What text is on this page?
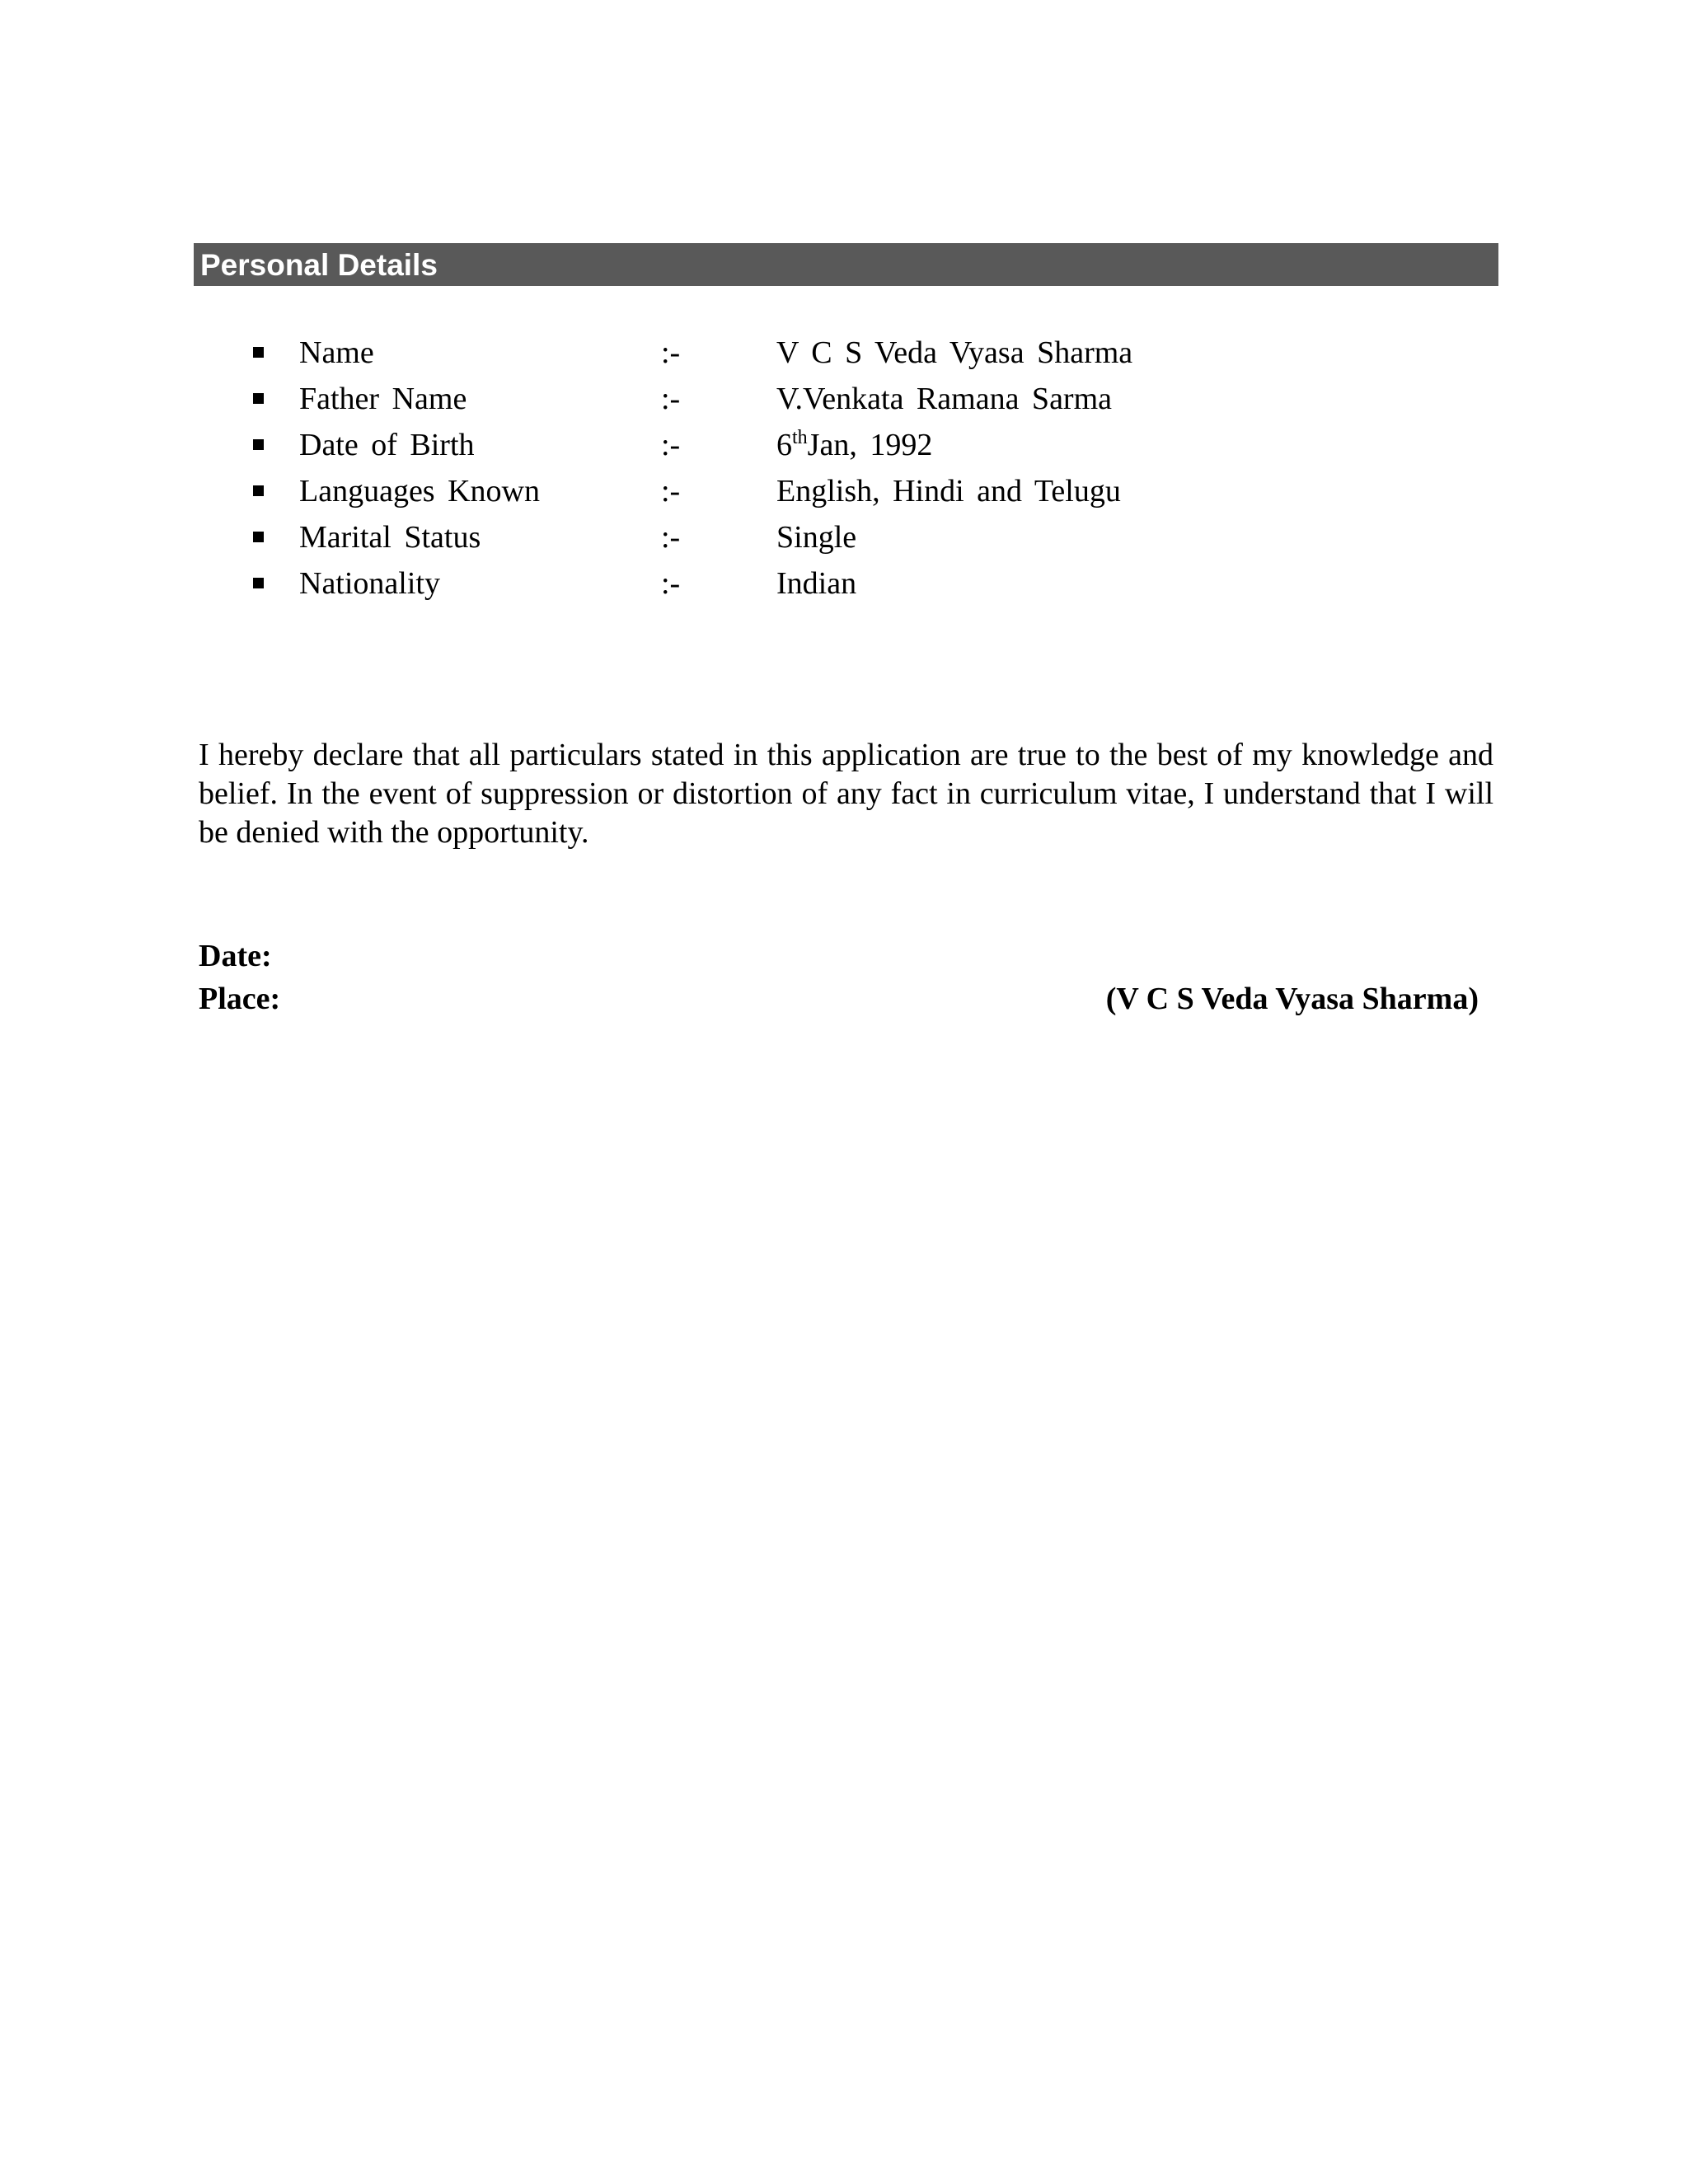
Personal Details
Name	:-	V C S Veda Vyasa Sharma
Father Name	:-	V.Venkata Ramana Sarma
Date of Birth	:-	6thJan, 1992
Languages Known	:-	English, Hindi and Telugu
Marital Status	:-	Single
Nationality	:-	Indian

I hereby declare that all particulars stated in this application are true to the best of my knowledge and belief. In the event of suppression or distortion of any fact in curriculum vitae, I understand that I will be denied with the opportunity.

Date:
Place:	(V C S Veda Vyasa Sharma)
